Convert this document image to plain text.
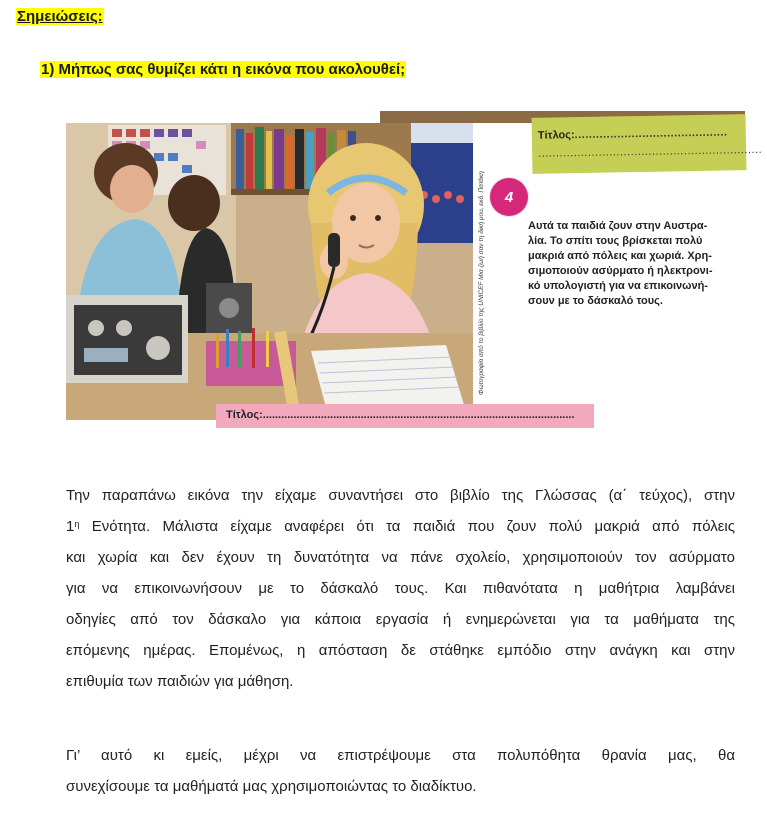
Σημειώσεις:
1) Μήπως σας θυμίζει κάτι η εικόνα που ακολουθεί;
Τίτλος:...........................................
...............................................................
4
Φωτογραφία από το βιβλίο της UNICEF Μια ζωή σαν τη δική μου, εκδ. Πατάκη	Αυτά τα παιδιά ζουν στην Αυστρα-
λία. Το σπίτι τους βρίσκεται πολύ
μακριά από πόλεις και χωριά. Χρη-
σιμοποιούν ασύρματο ή ηλεκτρονι-
κό υπολογιστή για να επικοινωνή-
σουν με το δάσκαλό τους.
Τίτλος:......................................................................................................
Την παραπάνω εικόνα την είχαμε συναντήσει στο βιβλίο της Γλώσσας (α΄ τεύχος), στην
$1^\eta$ Ενότητα. Μάλιστα είχαμε αναφέρει ότι τα παιδιά που ζουν πολύ μακριά από πόλεις
και χωρία και δεν έχουν τη δυνατότητα να πάνε σχολείο, χρησιμοποιούν τον ασύρματο
για να επικοινωνήσουν με το δάσκαλό τους. Και πιθανότατα η μαθήτρια λαμβάνει
οδηγίες από τον δάσκαλο για κάποια εργασία ή ενημερώνεται για τα μαθήματα της
επόμενης ημέρας. Επομένως, η απόσταση δε στάθηκε εμπόδιο στην ανάγκη και στην
επιθυμία των παιδιών για μάθηση.
Γι’ αυτό κι εμείς, μέχρι να επιστρέψουμε στα πολυπόθητα θρανία μας, θα
συνεχίσουμε τα μαθήματά μας χρησιμοποιώντας το διαδίκτυο.
